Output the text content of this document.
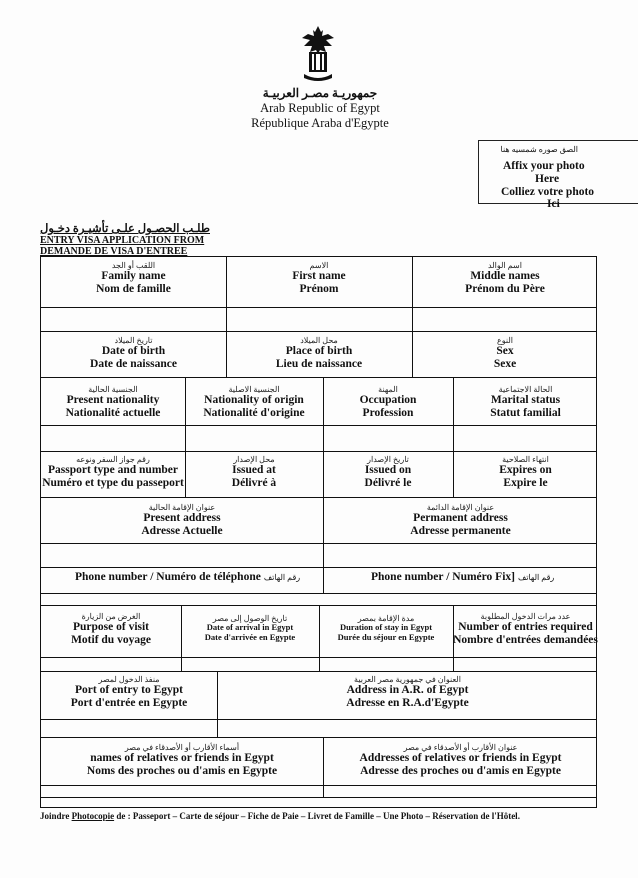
جمهوريـة مصـر العربيـة
Arab Republic of Egypt
République Araba d'Egypte
الصق صوره شمسيه هنا
Affix your photo
Here
Colliez votre photo
Ici
طلـب الحصـول علـى تأشيـرة دخـول
ENTRY VISA APPLICATION FROM
DEMANDE DE VISA D'ENTREE
اللقب أو الجد
Family name
Nom de famille
الاسم
First name
Prénom
اسم الوالد
Middle names
Prénom du Père
تاريخ الميلاد
Date of birth
Date de naissance
محل الميلاد
Place of birth
Lieu de naissance
النوع
Sex
Sexe
الجنسية الحالية
Present nationality
Nationalité actuelle
الجنسية الاصلية
Nationality of origin
Nationalité d'origine
المهنة
Occupation
Profession
الحالة الاجتماعية
Marital status
Statut familial
رقم جواز السفر ونوعه
Passport type and number
Numéro et type du passeport
محل الإصدار
Issued at
Délivré à
تاريخ الإصدار
Issued on
Délivré le
انتهاء الصلاحية
Expires on
Expire le
عنوان الإقامة الحالية
Present address
Adresse Actuelle
عنوان الإقامة الدائمة
Permanent address
Adresse permanente
Phone number / Numéro de téléphone رقم الهاتف	Phone number / Numéro Fix] رقم الهاتف
الغرض من الزيارة
Purpose of visit
Motif du voyage
تاريخ الوصول إلى مصر
Date of arrival in Egypt
Date d'arrivée en Egypte
مدة الإقامة بمصر
Duration of stay in Egypt
Durée du séjour en Egypte
عدد مرات الدخول المطلوبة
Number of entries required
Nombre d'entrées demandées
منفذ الدخول لمصر
Port of entry to Egypt
Port d'entrée en Egypte
العنوان في جمهورية مصر العربية
Address in A.R. of Egypt
Adresse en R.A.d'Egypte
أسماء الأقارب أو الأصدقاء في مصر
names of relatives or friends in Egypt
Noms des proches ou d'amis en Egypte
عنوان الأقارب أو الأصدقاء في مصر
Addresses of relatives or friends in Egypt
Adresse des proches ou d'amis en Egypte
Joindre Photocopie de : Passeport – Carte de séjour – Fiche de Paie – Livret de Famille – Une Photo – Réservation de l'Hôtel.
